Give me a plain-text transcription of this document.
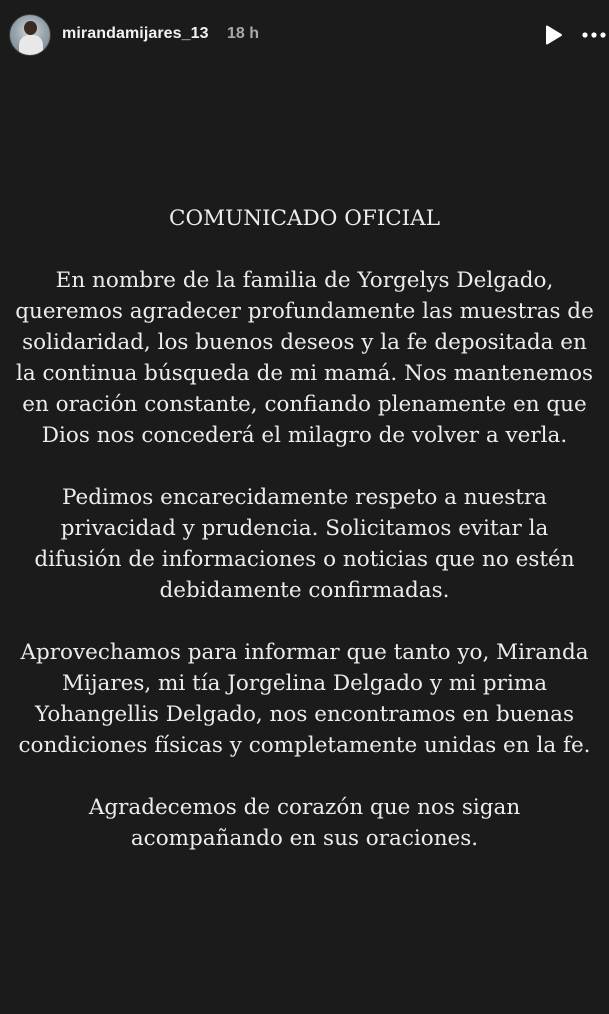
mirandamijares_13 18 h

COMUNICADO OFICIAL

En nombre de la familia de Yorgelys Delgado, queremos agradecer profundamente las muestras de solidaridad, los buenos deseos y la fe depositada en la continua búsqueda de mi mamá. Nos mantenemos en oración constante, confiando plenamente en que Dios nos concederá el milagro de volver a verla.

Pedimos encarecidamente respeto a nuestra privacidad y prudencia. Solicitamos evitar la difusión de informaciones o noticias que no estén debidamente confirmadas.

Aprovechamos para informar que tanto yo, Miranda Mijares, mi tía Jorgelina Delgado y mi prima Yohangellis Delgado, nos encontramos en buenas condiciones físicas y completamente unidas en la fe.

Agradecemos de corazón que nos sigan acompañando en sus oraciones.
